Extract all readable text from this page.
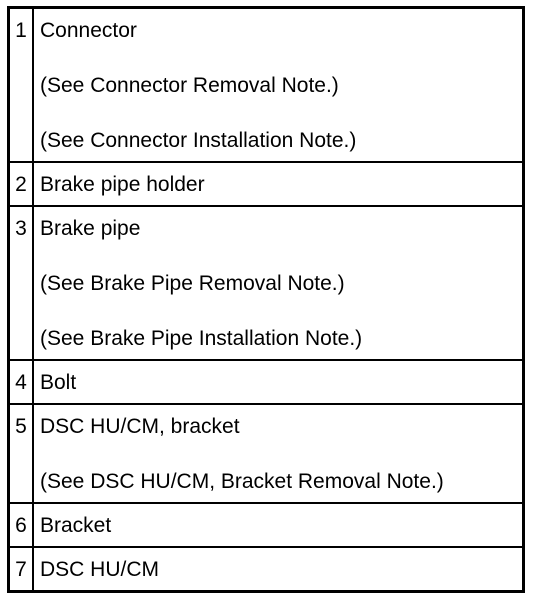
1	Connector
(See Connector Removal Note.)
(See Connector Installation Note.)

2	Brake pipe holder

3	Brake pipe
(See Brake Pipe Removal Note.)
(See Brake Pipe Installation Note.)

4	Bolt

5	DSC HU/CM, bracket
(See DSC HU/CM, Bracket Removal Note.)

6	Bracket

7	DSC HU/CM
